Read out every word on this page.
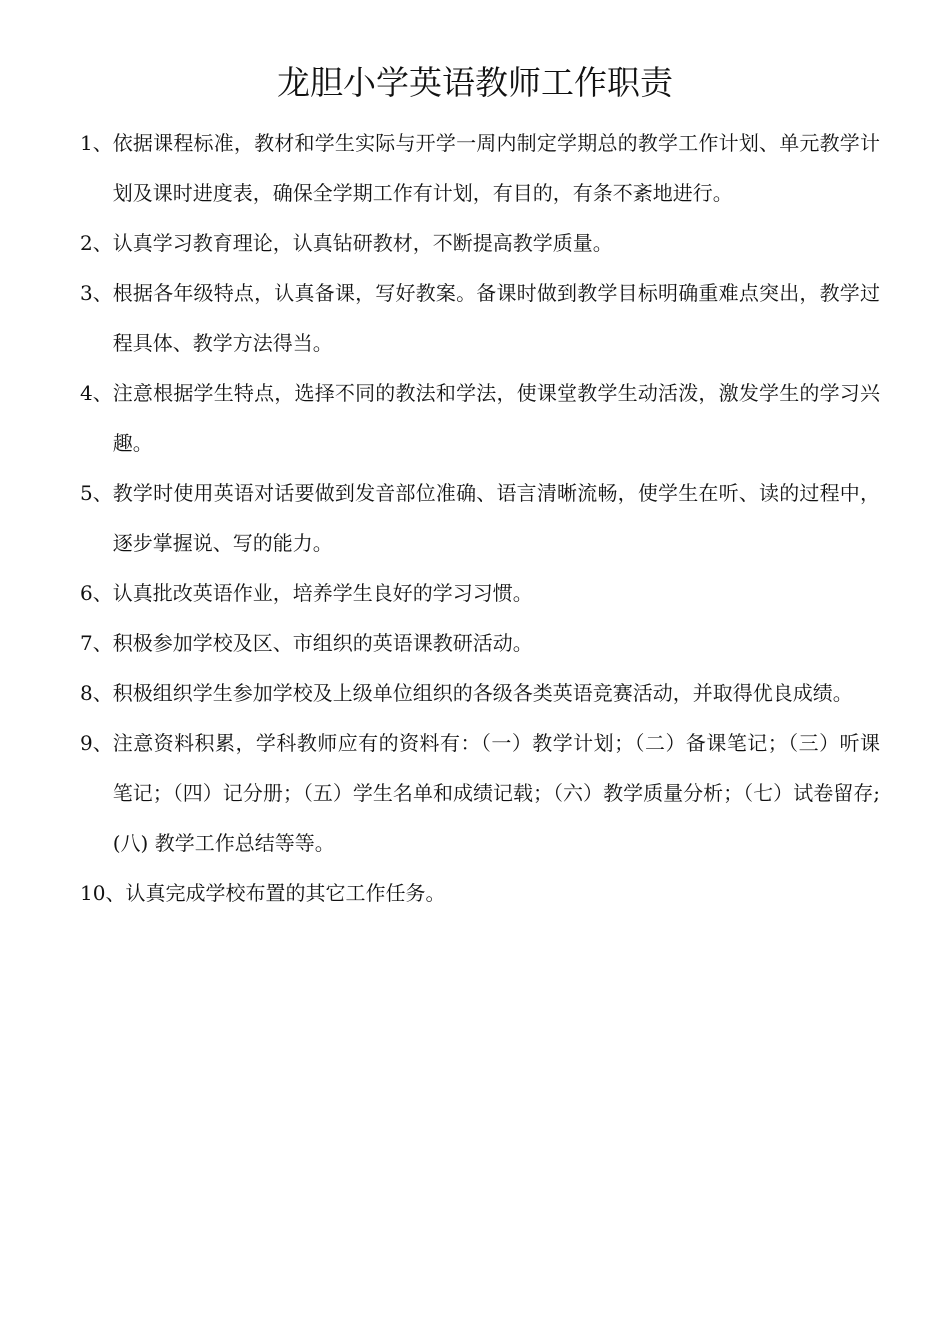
龙胆小学英语教师工作职责
1、 依据课程标准，教材和学生实际与开学一周内制定学期总的教学工作计划、单元教学计划及课时进度表，确保全学期工作有计划，有目的，有条不紊地进行。
2、 认真学习教育理论，认真钻研教材，不断提高教学质量。
3、 根据各年级特点，认真备课，写好教案。备课时做到教学目标明确重难点突出，教学过程具体、教学方法得当。
4、 注意根据学生特点，选择不同的教法和学法，使课堂教学生动活泼，激发学生的学习兴趣。
5、 教学时使用英语对话要做到发音部位准确、语言清晰流畅，使学生在听、读的过程中，逐步掌握说、写的能力。
6、 认真批改英语作业，培养学生良好的学习习惯。
7、 积极参加学校及区、市组织的英语课教研活动。
8、 积极组织学生参加学校及上级单位组织的各级各类英语竞赛活动，并取得优良成绩。
9、 注意资料积累，学科教师应有的资料有：（一）教学计划；（二）备课笔记；（三）听课笔记；（四）记分册；（五）学生名单和成绩记载；（六）教学质量分析；（七）试卷留存;(八) 教学工作总结等等。
10、 认真完成学校布置的其它工作任务。
